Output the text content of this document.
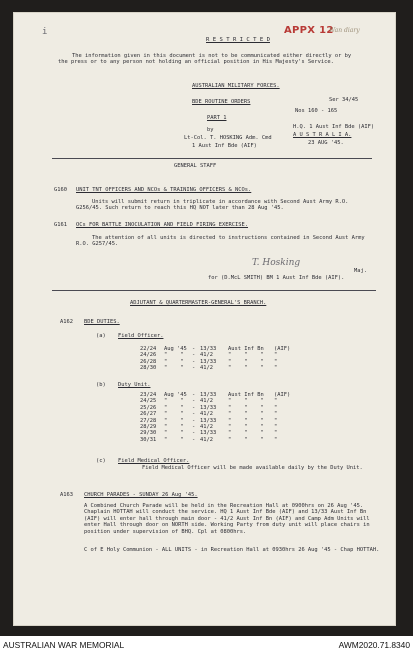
i	APPX 12
Wan diary
R E S T R I C T E D
The information given in this document is not to be communicated either directly or by the press or to any person not holding an official position in His Majesty's Service.
AUSTRALIAN MILITARY FORCES.
BDE ROUTINE ORDERS
PART 1
by
Lt-Col. T. HOSKING Adm. Cmd
1 Aust Inf Bde (AIF)
Ser 34/45
Nos 160 - 165
H.Q. 1 Aust Inf Bde (AIF)
A U S T R A L I A.
23 AUG '45.
GENERAL STAFF
G160 UNIT TNT OFFICERS AND NCOs & TRAINING OFFICERS & NCOs.
Units will submit return in triplicate in accordance with Second Aust Army R.O. G256/45. Such return to reach this HQ NOT later than 28 Aug '45.
G161 OCs FOR BATTLE INOCULATION AND FIELD FIRING EXERCISE.
The attention of all units is directed to instructions contained in Second Aust Army R.O. G257/45.
T. Hosking
Maj.
for (D.McL SMITH) BM 1 Aust Inf Bde (AIF).
ADJUTANT & QUARTERMASTER-GENERAL'S BRANCH.
A162 BDE DUTIES.
(a) Field Officer.
22/24 Aug '45 - 13/33 Aust Inf Bn (AIF)
24/26 "    " - 41/2	"    "    " "
26/28 "    " - 13/33 "    "    " "
28/30 "    " - 41/2	"    "    " "
(b) Duty Unit.
23/24 Aug '45 - 13/33 Aust Inf Bn (AIF)
24/25 "    " - 41/2	"    "    " "
25/26 "    " - 13/33 "    "    " "
26/27 "    " - 41/2	"    "    " "
27/28 "    " - 13/33 "    "    " "
28/29 "    " - 41/2	"    "    " "
29/30 "    " - 13/33 "    "    " "
30/31 "    " - 41/2	"    "    " "
(c) Field Medical Officer.
Field Medical Officer will be made available daily by the Duty Unit.
A163 CHURCH PARADES - SUNDAY 26 Aug '45.
A Combined Church Parade will be held in the Recreation Hall at 0900hrs on 26 Aug '45. Chaplain HOTTAH will conduct the service. HQ 1 Aust Inf Bde (AIF) and 13/33 Aust Inf Bn (AIF) will enter hall through main door - 41/2 Aust Inf Bn (AIF) and Camp Adm Units will enter Hall through door on NORTH side. Working Party from duty unit will place chairs in position under supervision of BHQ. Cpl at 0800hrs.
C of E Holy Communion - ALL UNITS - in Recreation Hall at 0930hrs 26 Aug '45 - Chap HOTTAH.
AUSTRALIAN WAR MEMORIAL	AWM2020.71.8340
